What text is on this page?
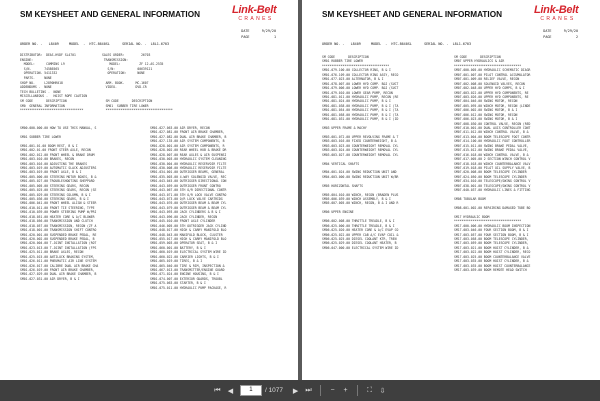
SM KEYSHEET AND GENERAL INFORMATION	Link-Belt
CRANES
DATE      9/29/20
PAGE            1
ORDER NO. -   L8409     MODEL  -  HTC-8640SL      SERIAL NO. -  L8L1-6703
DISTRIBUTOR:  DEAS-HVDF SL4701              SALES ORDER:         26703
ENGINE:                                      TRANSMISSION:
MODEL:      CUMMINS L9                        MODEL:          ZF 12-AS-2535
S/N-       74586565                          S/N:            00639121
OPERATION- 5411332                           OPERATION:      NONE
PARTS-     NONE
SHOP NO-     L2890HR018                       ARM. BOOK-      MC-1607
ADDENDUMS -  NONE                             VIDEO-          DVD-CR
TECH BULLETINS -  NONE
MISCELLANEOUS -   HOIST ROPE CAUTION
SM CODE       DESCRIPTION                     SM CODE       DESCRIPTION
SM0  GENERAL INFORMATION                      SM01  SUBBER TIRE LOWER
**********************************            ************************************
SM00-000-000.00 HOW TO USE THIS MANUAL, S
SM01 SUBBER TIRE LOWER
SM01-001-01.00 BOOM REST, B & I
SM01-002-01.00 FRONT STEER AXLE, RECON
SM01-002-012.00 FRONT WHEEL & BRAKE DRUM
SM01-003-010.00 BRAKES, RECON
SM01-003-016.00 ADJUSTING THE BRAKES
SM01-003-019.00 AUTOMATIC SLACK ADJUSTERS
SM01-003-019.00 FRONT AXLE, B & I
SM01-005-000.00 STEERING MOTOR BOXES, B &
SM01-005-027.00 TROUBLESHOOTING SHEPPARD
SM01-005-005.00 STEERING GEARS, RECON
SM01-005-025.00 STEERING GEARS, RECON (SE
SM01-005-029.00 STEERING COLUMN, B & I
SM01-005-036.00 STEERING GEARS, B & I
SM01-006-041.00 FRONT WHEEL ALIGN & STEER
SM01-010-011.00 FRONT TIE STEERING, TYPE
SM01-010-039.00 POWER STEERING PUMP W/PRI
SM01-018-051.00 HEATER CORE & A/C BLOWER
SM01-018-056.00 TRANSMISSION AND CLUTCH
SM01-018-057.00 TRANSMISSION, RECON (ZF A
SM01-018-001.00 TRANSMISSION SHIFT CONTRO
SM01-020-001.00 SUSPENDED BRAKE PEDAL, RE
SM01-020-002.00 SUSPENDED BRAKE PEDAL, B
SM01-020-004.00 T-JOINT INSTALLATION (ROT
SM01-023-013.00 T-JOINT INSTALLATION (FPS
SM01-025-011.00 BRAKE AXLES, RECON
SM01-025-015.00 ANTILOCK BRAKING SYSTEM,
SM01-026-011.00 PNEUMATIC AIR LINE SYSTEM
SM01-026-017.00 CALIBRE DUAL AIR BRAKE CHA
SM01-026-019.00 FRONT AIR BRAKE CHAMBER,
SM01-027-029.00 DUAL AIR BRAKE CHAMBER, B
SM01-027-031.00 AIR DRYER, B & I
SM01-027-063.00 AIR DRYER, RECON
SM01-027-081.00 FRONT AIR BRAKE CHAMBER,
SM01-027-082.00 DUAL AIR BRAKE CHAMBER, B
SM01-027-135.00 AIR SYSTEM COMPONENTS, B
SM01-028-001.00 AIR SYSTEM COMPONENTS, R
SM01-028-002.00 REAR WHEEL HUB & BRAKE DR
SM01-028-007.00 REAR AXLES & AIR SUSPENSI
SM01-030-003.00 HYDRAULIC SYSTEM CLEANING
SM01-030-004.00 HYDRAULIC RESERVOIR FILTE
SM01-030-008.00 HYDRAULIC RESERVOIR FILTE
SM01-034-001.00 OUTRIGGER BEAMS, GENERAL
SM01-035-003.00 4-WAY SOLENOID VALVE, REC
SM01-043-045.00 OUTRIGGER DIRECTIONAL CON
SM01-043-059.00 OUTRIGGER FRONT CONTRO
SM01-043-067.00 5TH O/R DIRECTIONAL CONTR
SM01-043-071.00 5TH O/R LOCK VALVE CONTRO
SM01-043-073.00 O/R LOCK VALVE CARTRIDG
SM01-043-076.00 OUTRIGGER BEAM & BEAM CYL
SM01-043-079.00 OUTRIGGER BEAM & BEAM CYL
SM01-043-093.00 JACK CYLINDERS & B & I
SM01-043-096.00 JACK CYLINDER, RECON
SM01-045-010.00 FRONT AXLE CYLINDER
SM01-046-005.00 5TH OUTRIGGER JACK CYLIND
SM01-048-017.00 HIGH & CARRY MANIFOLD BLO
SM01-048-043.00 MANIFOLD BLOCK, CLUSTER
SM01-055-017.00 HIGH & CARRY MANIFOLD BLO
SM01-059-003.00 OPERATOR SEAT, B & I
SM01-060-001.00 BATTERY, B & I
SM01-060-019.00 ELECTRICAL SYSTEM WIRE ID
SM01-060-022.00 CARRIER LIGHTS, B & I
SM01-065-019.00 TIRES, B & I
SM01-065-040.00 TIRE & RIM, INSPECTION &
SM01-067-013.00 TRANSMITTER/ENGINE GUARD
SM01-071-024.00 ENGINE HOUSING, B & I
SM01-074-007.00 EXTERIOR GUARDS, TROUBL
SM01-075-063.00 STARTER, B & I
SM01-075-011.00 HYDRAULIC PUMP PACKAGE, R
SM KEYSHEET AND GENERAL INFORMATION	Link-Belt
CRANES
DATE      9/29/20
PAGE            2
ORDER NO. -   L8409     MODEL  -  HTC-8640SL      SERIAL NO. -  L8L1-6703
SM CODE       DESCRIPTION
SM01 RUBBER TIRE LOWER
************************************
SM01-079-100.00 COLLECTOR RING, B & I
SM01-076-109.00 COLLECTOR RING ASSY, RECO
SM01-077-023.00 ALTERNATOR, B & I
SM01-078-007.00 LOWER HYD COMP. B&I (SUCT
SM01-079-006.00 LOWER HYD COMP. B&I (SUCT
SM01-079-010.00 LOWER GEAR PUMP, RECON
SM01-081-011.00 HYDRAULIC PUMP, RECON (RE
SM01-081-024.00 HYDRAULIC PUMP, B & I
SM01-081-038.00 HYDRAULIC PUMP, B & I (TA
SM01-081-054.00 HYDRAULIC PUMP, B & I (TA
SM01-081-058.00 HYDRAULIC PUMP, B & I (TA
SM01-081-031.00 HYDRAULIC PUMP, B & I (ID
SM03 UPPER FRAME & MACHY
SM03-001-072.00 UPPER REVOLVING FRAME & T
SM03-003-016.00 FIXED COUNTERWEIGHT, B &
SM03-003-023.00 COUNTERWEIGHT REMOVAL CYL
SM03-003-024.00 COUNTERWEIGHT REMOVAL CYL
SM03-003-027.00 COUNTERWEIGHT REMOVAL CYL
SM04 VERTICAL SHAFTS
SM04-001-024.00 SWING REDUCTION UNIT AND
SM04-003-000.00 SWING REDUCTION UNIT W/BR
SM05 HORIZONTAL SHAFTS
SM05-004-010.00 WINCH, RECON (BRADEN PLUS
SM05-006-039.00 WINCH ASSEMBLY, B & I
SM05-007-005.00 WINCH, RECON, B & I AND R
SM06 UPPER ENGINE
SM06-002-008.00 THROTTLE TREADLE, B & I
SM06-025-000.00 THROTTLE TREADLE, B & I
SM06-025-020.00 HEATER CORE & A/C EVAP CO
SM06-025-022.00 UPPER CAB A/C EVAP COIL &
SM06-025-025.00 DIESEL COOLANT KTR, TREN
SM06-025-029.00 DIESEL COOLANT HEATER, B
SM06-047-000.00 ELECTRICAL SYSTEM WIRE ID
SM CODE       DESCRIPTION
SM07 UPPER HYDRAULICS & AIR
************************************
SM07-000-005.00 HYDRAULIC SCHEMATIC DIAGR
SM07-001-007.00 PILOT CONTROL ACCUMULATOR
SM07-001-009.00 RELIEF VALVE, RECON
SM07-002-008.00 SOLENOID VALVES, RECON
SM07-002-048.00 UPPER HYD COMPS, B & I
SM07-003-022.00 UPPER HYD COMPONENTS, RE
SM07-003-026.00 UPPER HYD COMPONENTS, RE
SM07-004-046.00 SWING MOTOR, RECON
SM07-005-095.00 WINCH MOTOR, RECON (LINDE
SM07-006-002.00 SWING MOTOR, B & I
SM07-006-012.00 SWING MOTOR, RECON
SM07-006-023.00 SWING MOTOR, B & I
SM07-008-030.00 CONTROL VALVE, RECON (RED
SM07-010-001.00 DUAL AXIS CONTROLLER CONT
SM07-011-012.00 WINCH CONTROL VALVE, B &
SM07-013-004.00 BOOM TELESCOPE FOOT CONTR
SM07-014-100.00 HYDRAULIC FOOT CONTROLLER
SM07-015-011.00 SWING BRAKE PEDAL VALVE,
SM07-015-012.00 SWING BRAKE PEDAL VALVE,
SM07-016-018.00 WINCH CONTROL VALVE, B &
SM07-017-005.00 2 SECTION WINCH CONTROL V
SM07-018-018.00 WINCH COUNTERBALANCE VALV
SM07-019-018.00 PILOT OIL SUPPLY VALVE, B
SM07-020-008.00 BOOM TELESCOPE CYLINDER
SM07-024-050.00 BOOM TELESCOPE CYLINDER
SM07-034-010.00 TELESCOPE/SWING CONTROL V
SM07-038-001.00 TELESCOPE/SWING CONTROL V
SM07-040-037.00 HYDRAULIC LINES & FITTING
SM08 TUBULAR BOOM
SM08-001-002.00 REPAIRING DAMAGED TUBE BO
SM17 HYDRAULIC BOOM
************************************
SM17-000-006.00 HYDRAULIC BOOM INSPECTION
SM17-003-046.00 FOUR SECTION BOOM, B & I
SM17-003-057.00 FOUR SECTION BOOM, B & I
SM17-003-058.00 BOOM TELESCOPE CYLINDER,
SM17-003-059.00 BOOM TELESCOPE CYLINDER,
SM17-003-021.00 BOOM HOIST CYLINDER, B &
SM17-003-022.00 BOOM HOIST CYLINDER, RECO
SM17-003-025.00 BOOM COUNTERBALANCE VALVE
SM17-003-035.00 BOOM HOIST CYLINDER, B &
SM17-003-035.00 BOOM HOIST COUNTERBALANCE
SM17-003-039.00 BOOM REMOTE HEAD SWITCH
⏮	◀	1	/ 1077	▶	⏭	−	+	⛶	⇩
